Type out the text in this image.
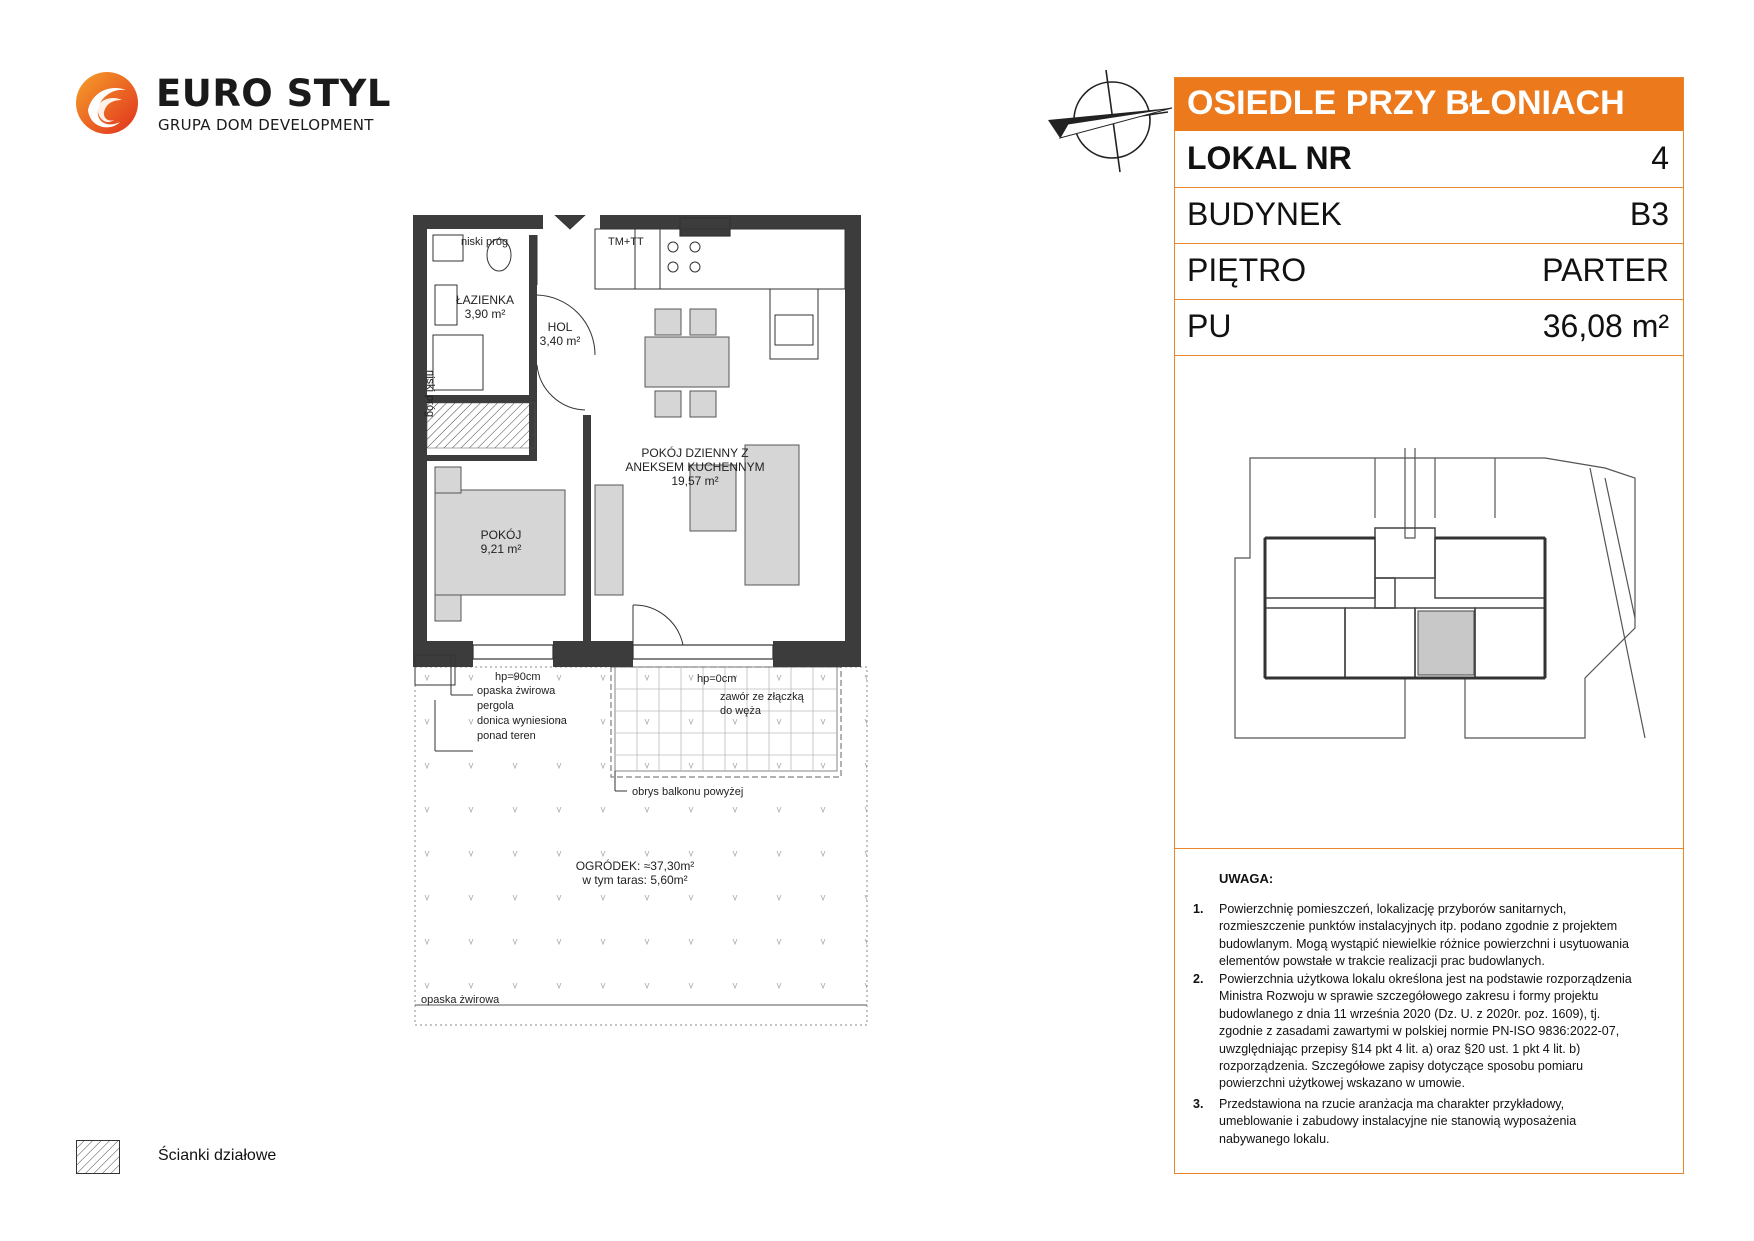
EURO STYL
GRUPA DOM DEVELOPMENT
OSIEDLE PRZY BŁONIACH
LOKAL NR	4
BUDYNEK	B3
PIĘTRO	PARTER
PU	36,08 m²
UWAGA:
1. Powierzchnię pomieszczeń, lokalizację przyborów sanitarnych,
rozmieszczenie punktów instalacyjnych itp. podano zgodnie z projektem
budowlanym. Mogą wystąpić niewielkie różnice powierzchni i usytuowania
elementów powstałe w trakcie realizacji prac budowlanych.
2. Powierzchnia użytkowa lokalu określona jest na podstawie rozporządzenia
Ministra Rozwoju w sprawie szczegółowego zakresu i formy projektu
budowlanego z dnia 11 września 2020 (Dz. U. z 2020r. poz. 1609), tj.
zgodnie z zasadami zawartymi w polskiej normie PN-ISO 9836:2022-07,
uwzględniając przepisy §14 pkt 4 lit. a) oraz §20 ust. 1 pkt 4 lit. b)
rozporządzenia. Szczegółowe zapisy dotyczące sposobu pomiaru
powierzchni użytkowej wskazano w umowie.
3. Przedstawiona na rzucie aranżacja ma charakter przykładowy,
umeblowanie i zabudowy instalacyjne nie stanowią wyposażenia
nabywanego lokalu.
ŁAZIENKA
3,90 m²
HOL
3,40 m²
POKÓJ DZIENNY Z
ANEKSEM KUCHENNYM
19,57 m²
POKÓJ
9,21 m²
OGRÓDEK: ≈37,30m²
w tym taras: 5,60m²
niski próg
niski próg
TM+TT
hp=90cm	hp=0cm
opaska żwirowa
pergola
donica wyniesiona
ponad teren
zawór ze złączką
do węża
obrys balkonu powyżej
opaska żwirowa
Ścianki działowe
